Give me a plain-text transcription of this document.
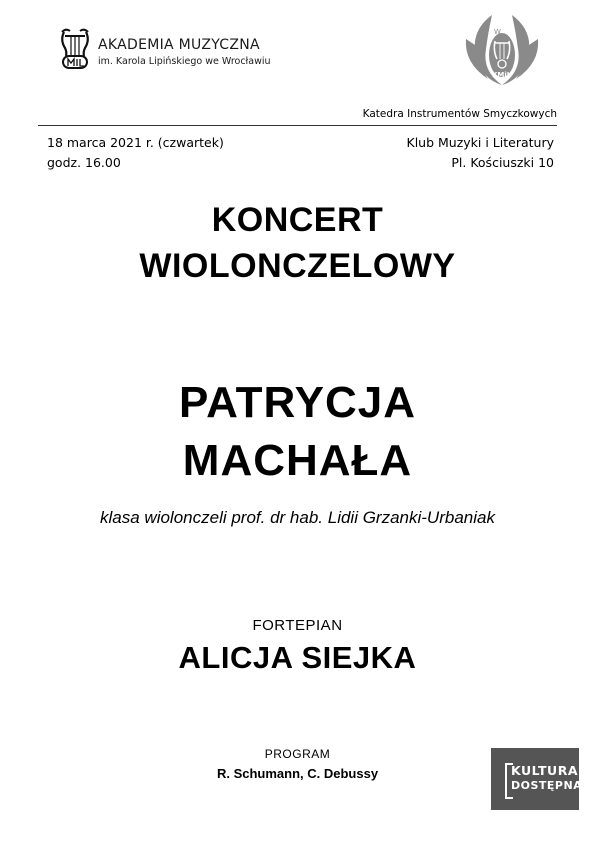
AKADEMIA MUZYCZNA
im. Karola Lipińskiego we Wrocławiu
W
KMiL
Katedra Instrumentów Smyczkowych
18 marca 2021 r. (czwartek)
godz. 16.00
Klub Muzyki i Literatury
Pl. Kościuszki 10
KONCERT
WIOLONCZELOWY
PATRYCJA
MACHAŁA
klasa wiolonczeli prof. dr hab. Lidii Grzanki-Urbaniak
FORTEPIAN
ALICJA SIEJKA
PROGRAM
R. Schumann, C. Debussy	KULTURA
DOSTĘPNA
